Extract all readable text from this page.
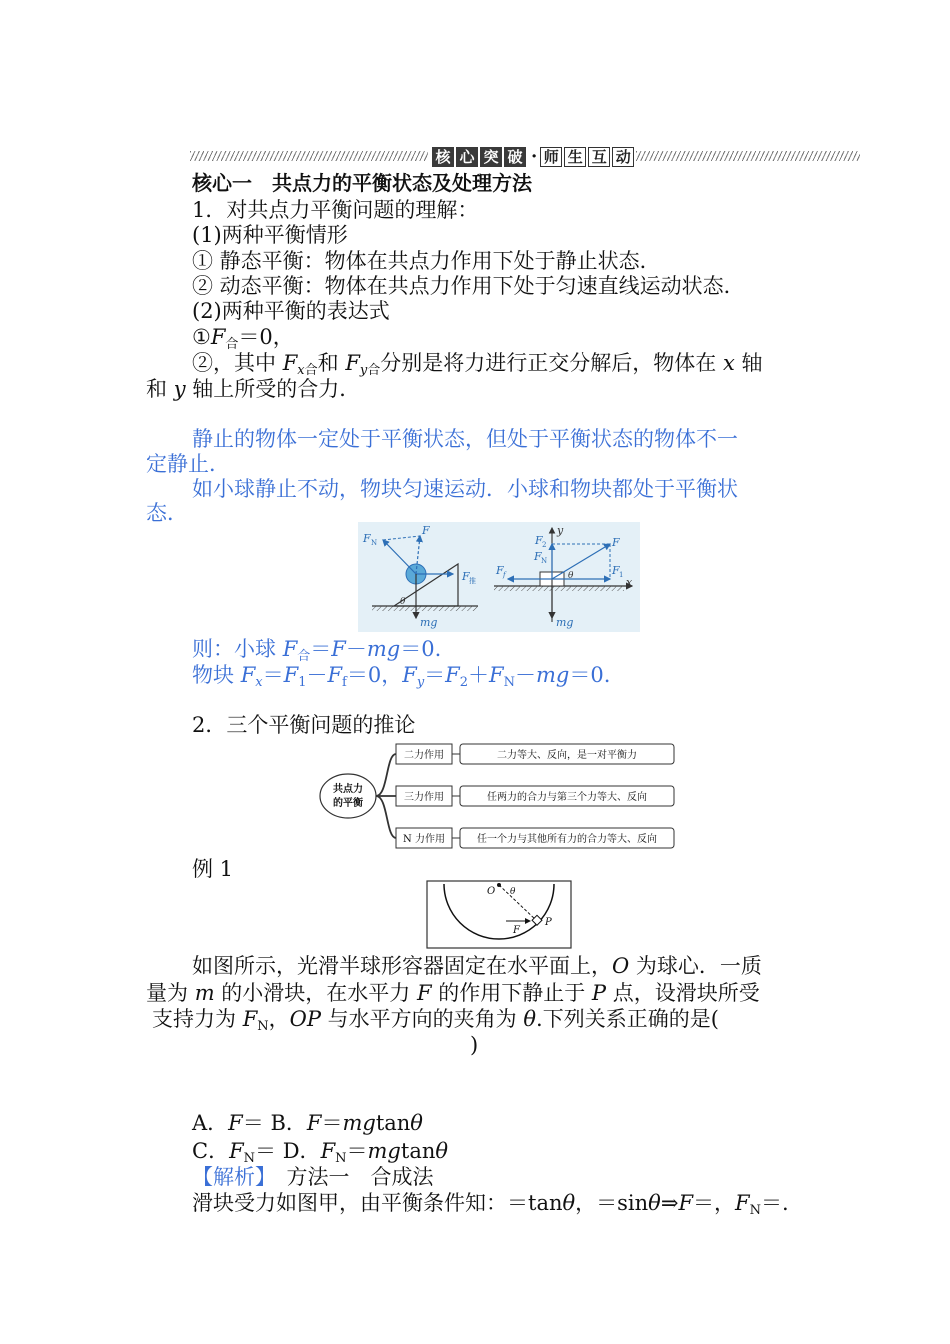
核 心 突 破 · 师 生 互 动
核心一　共点力的平衡状态及处理方法
1．对共点力平衡问题的理解：
(1)两种平衡情形
① 静态平衡：物体在共点力作用下处于静止状态．
② 动态平衡：物体在共点力作用下处于匀速直线运动状态．
(2)两种平衡的表达式
$①F_合=0$，
②，其中 $F_{x合}$和 $F_{y合}$分别是将力进行正交分解后，物体在 x 轴
和 y 轴上所受的合力．
静止的物体一定处于平衡状态，但处于平衡状态的物体不一
定静止．
如小球静止不动，物块匀速运动．小球和物块都处于平衡状
态．
F N
F
F 推
θ
mg
y
F 2
F N
F f	θ	F 1
x
F
mg
则：小球 $F_合=F-mg=0$.
物块 $F_x=F_1-F_f=0$，$F_y=F_2+F_N-mg=0$.
2．三个平衡问题的推论
共点力
的平衡
二力作用	二力等大、反向，是一对平衡力
三力作用	任两力的合力与第三个力等大、反向
N 力作用	任一个力与其他所有力的合力等大、反向
例 1
O θ
F
P
如图所示，光滑半球形容器固定在水平面上，O 为球心．一质
量为 m 的小滑块，在水平力 F 的作用下静止于 P 点，设滑块所受
支持力为 $F_N$，OP 与水平方向的夹角为 θ.下列关系正确的是(
)
A．F＝ B．F＝mgtanθ
C．$F_N= D$．$F_N=mgtan\theta$
【解析】　方法一　合成法
滑块受力如图甲，由平衡条件知：＝tanθ，＝sinθ⇒F＝，$F_N=$.
